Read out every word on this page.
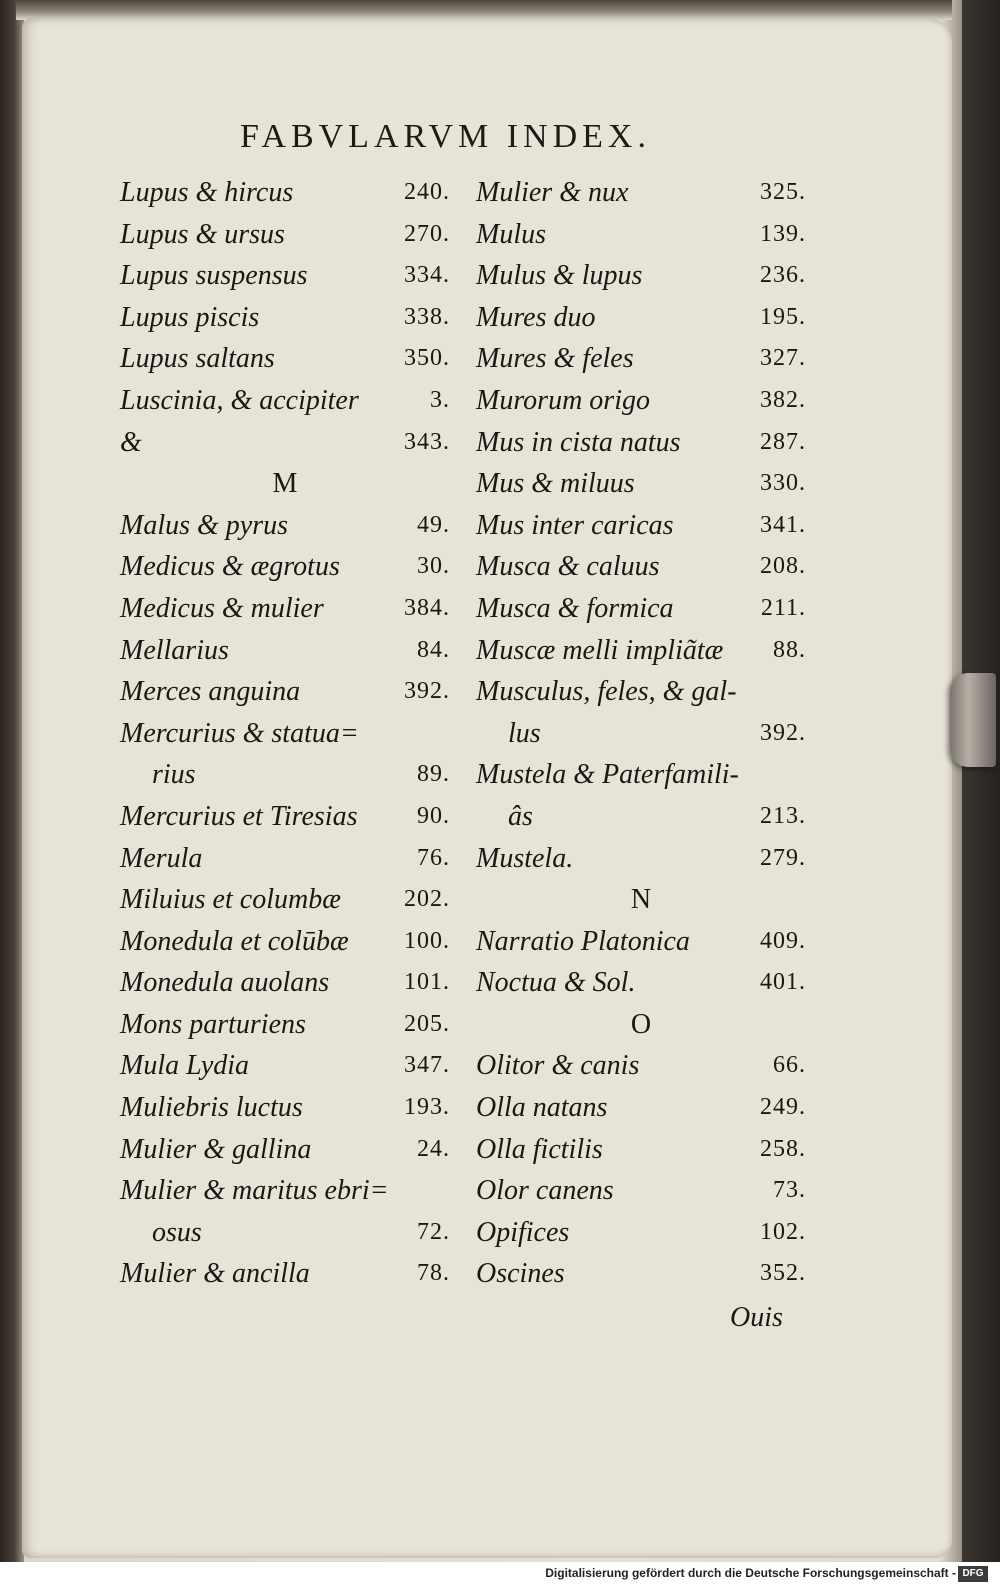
FABVLARVM INDEX.
Lupus & hircus	240.
Lupus & ursus	270.
Lupus suspensus	334.
Lupus piscis	338.
Lupus saltans	350.
Luscinia, & accipiter	3.
&	343.
M
Malus & pyrus	49.
Medicus & ægrotus	30.
Medicus & mulier	384.
Mellarius	84.
Merces anguina	392.
Mercurius & statua=
rius	89.
Mercurius et Tiresias 90.
Merula	76.
Miluius et columbæ	202.
Monedula et colūbæ 100.
Monedula auolans	101.
Mons parturiens	205.
Mula Lydia	347.
Muliebris luctus	193.
Mulier & gallina	24.
Mulier & maritus ebri=
osus	72.
Mulier & ancilla	78.
Mulier & nux	325.
Mulus	139.
Mulus & lupus	236.
Mures duo	195.
Mures & feles	327.
Murorum origo	382.
Mus in cista natus	287.
Mus & miluus	330.
Mus inter caricas	341.
Musca & caluus	208.
Musca & formica	211.
Muscæ melli impliãtæ 88.
Musculus, feles, & gal-
lus	392.
Mustela & Paterfamili-
âs	213.
Mustela.	279.
N
Narratio Platonica	409.
Noctua & Sol.	401.
O
Olitor & canis	66.
Olla natans	249.
Olla fictilis	258.
Olor canens	73.
Opifices	102.
Oscines	352.
Ouis
Digitalisierung gefördert durch die Deutsche Forschungsgemeinschaft - DFG
